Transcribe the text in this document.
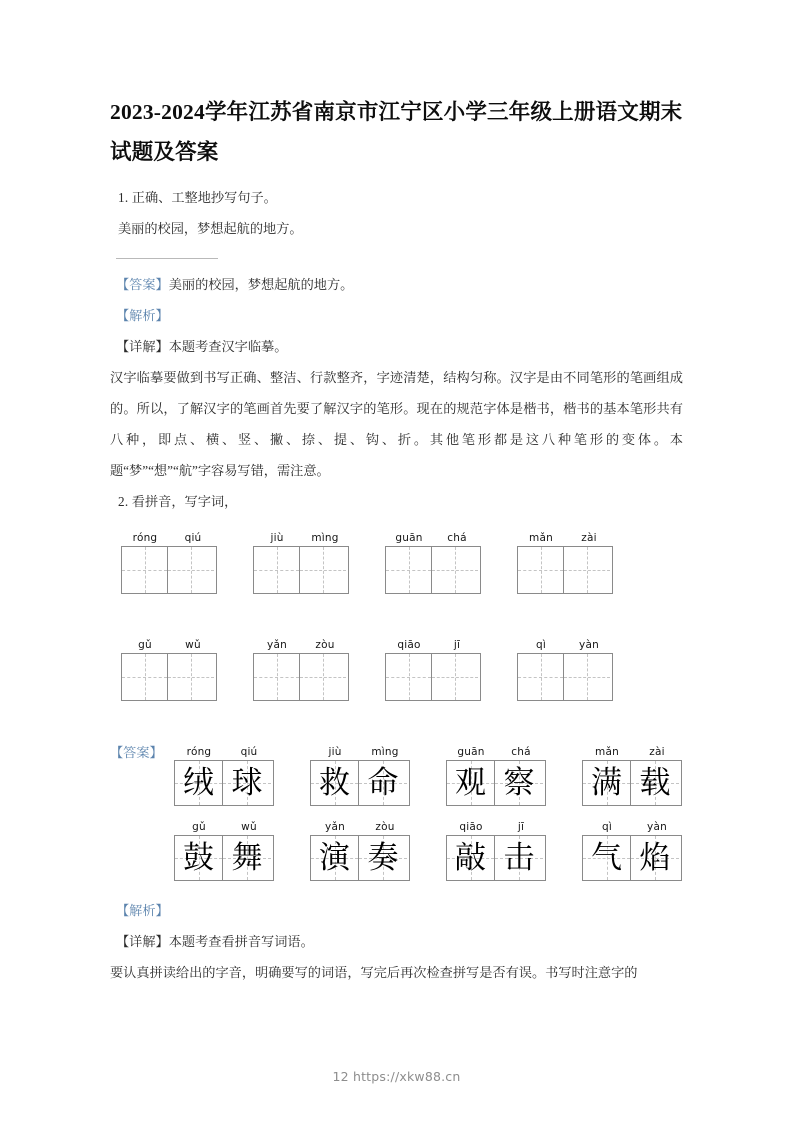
2023-2024学年江苏省南京市江宁区小学三年级上册语文期末试题及答案

1. 正确、工整地抄写句子。

美丽的校园，梦想起航的地方。

【答案】美丽的校园，梦想起航的地方。

【解析】

【详解】本题考查汉字临摹。

汉字临摹要做到书写正确、整洁、行款整齐，字迹清楚，结构匀称。汉字是由不同笔形的笔画组成的。所以，了解汉字的笔画首先要了解汉字的笔形。现在的规范字体是楷书，楷书的基本笔形共有八种，即点、横、竖、撇、捺、提、钩、折。其他笔形都是这八种笔形的变体。本题“梦”“想”“航”字容易写错，需注意。

2. 看拼音，写字词，

róng	qiú	jiù	mìng	guān	chá	mǎn	zài
gǔ	wǔ	yǎn	zòu	qiāo	jī	qì	yàn
【答案】	róng	qiú
绒 球
jiù	mìng
救 命
guān	chá
观 察
mǎn	zài
满 载
gǔ	wǔ
鼓 舞
yǎn	zòu
演 奏
qiāo	jī
敲 击
qì	yàn
气 焰

【解析】

【详解】本题考查看拼音写词语。

要认真拼读给出的字音，明确要写的词语，写完后再次检查拼写是否有误。书写时注意字的

12 https://xkw88.cn
